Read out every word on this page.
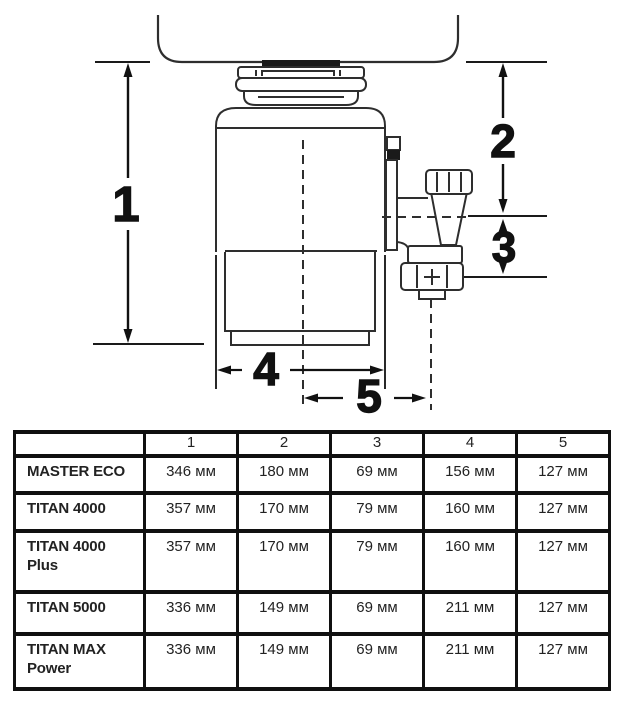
1
2
3
4
5
	1	2	3	4	5
MASTER ECO	346 мм	180 мм	69 мм	156 мм	127 мм
TITAN 4000	357 мм	170 мм	79 мм	160 мм	127 мм
TITAN 4000 Plus	357 мм	170 мм	79 мм	160 мм	127 мм
TITAN 5000	336 мм	149 мм	69 мм	211 мм	127 мм
TITAN MAX Power	336 мм	149 мм	69 мм	211 мм	127 мм
